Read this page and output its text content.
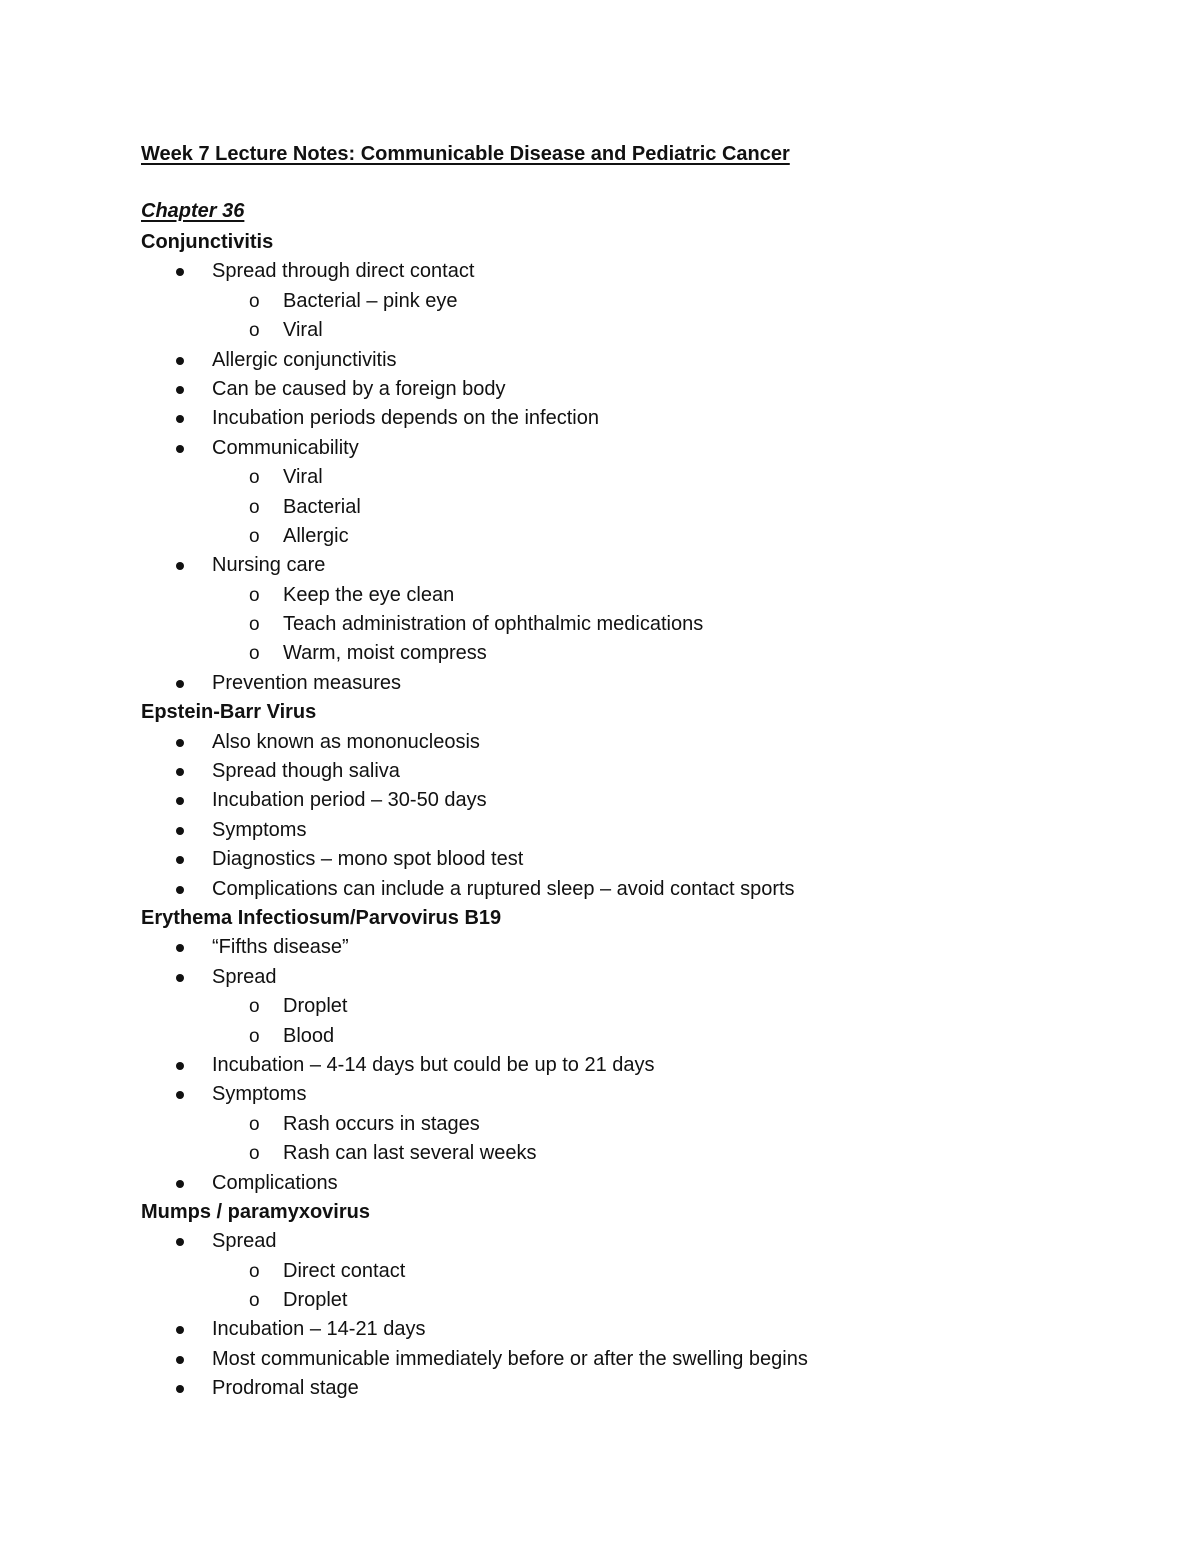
Week 7 Lecture Notes: Communicable Disease and Pediatric Cancer
Chapter 36
Conjunctivitis
Spread through direct contact
o Bacterial – pink eye
o Viral
Allergic conjunctivitis
Can be caused by a foreign body
Incubation periods depends on the infection
Communicability
o Viral
o Bacterial
o Allergic
Nursing care
o Keep the eye clean
o Teach administration of ophthalmic medications
o Warm, moist compress
Prevention measures
Epstein-Barr Virus
Also known as mononucleosis
Spread though saliva
Incubation period – 30-50 days
Symptoms
Diagnostics – mono spot blood test
Complications can include a ruptured sleep – avoid contact sports
Erythema Infectiosum/Parvovirus B19
“Fifths disease”
Spread
o Droplet
o Blood
Incubation – 4-14 days but could be up to 21 days
Symptoms
o Rash occurs in stages
o Rash can last several weeks
Complications
Mumps / paramyxovirus
Spread
o Direct contact
o Droplet
Incubation – 14-21 days
Most communicable immediately before or after the swelling begins
Prodromal stage
